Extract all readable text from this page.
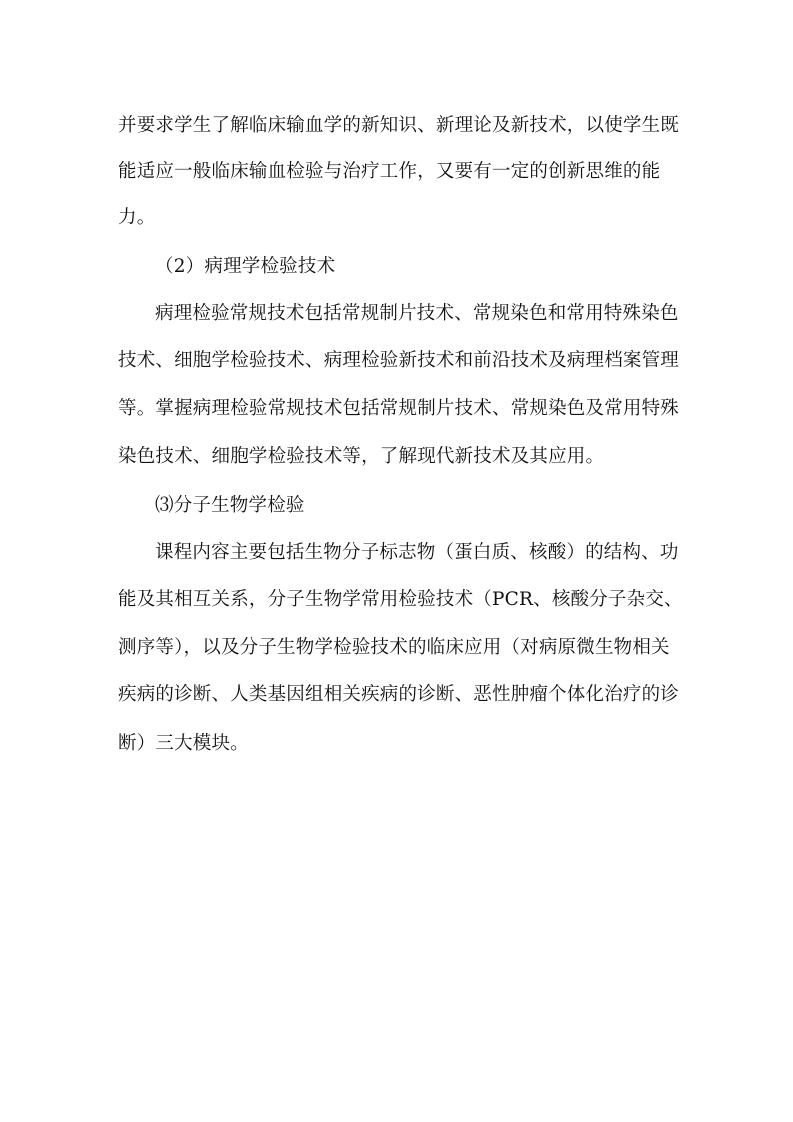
并要求学生了解临床输血学的新知识、新理论及新技术，以使学生既
能适应一般临床输血检验与治疗工作，又要有一定的创新思维的能
力。
（2）病理学检验技术
病理检验常规技术包括常规制片技术、常规染色和常用特殊染色
技术、细胞学检验技术、病理检验新技术和前沿技术及病理档案管理
等。掌握病理检验常规技术包括常规制片技术、常规染色及常用特殊
染色技术、细胞学检验技术等，了解现代新技术及其应用。
⑶分子生物学检验
课程内容主要包括生物分子标志物（蛋白质、核酸）的结构、功
能及其相互关系，分子生物学常用检验技术（PCR、核酸分子杂交、
测序等），以及分子生物学检验技术的临床应用（对病原微生物相关
疾病的诊断、人类基因组相关疾病的诊断、恶性肿瘤个体化治疗的诊
断）三大模块。
